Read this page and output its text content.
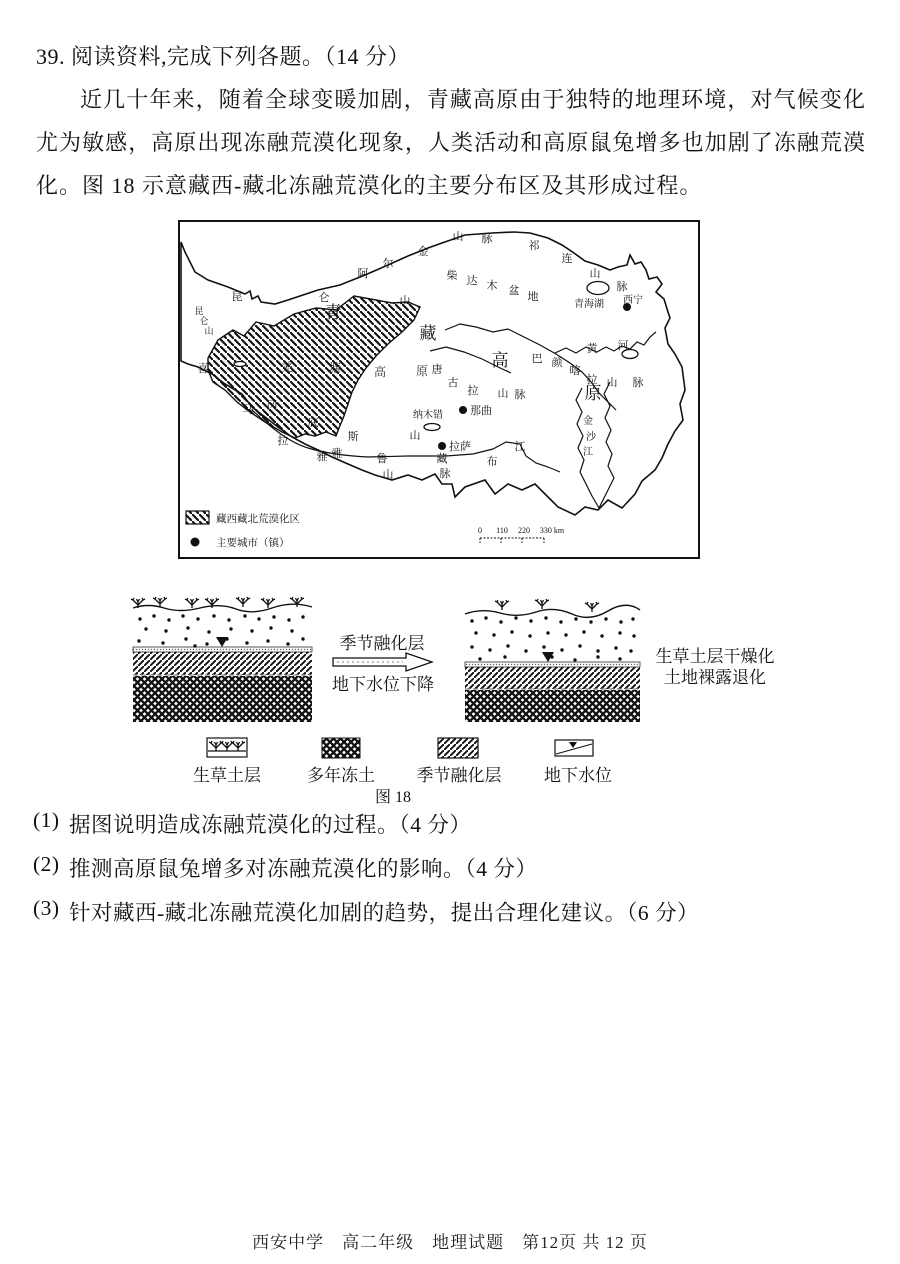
39. 阅读资料,完成下列各题。（14 分）
近几十年来，随着全球变暖加剧，青藏高原由于独特的地理环境，对气候变化尤为敏感，高原出现冻融荒漠化现象，人类活动和高原鼠兔增多也加剧了冻融荒漠化。图 18 示意藏西-藏北冻融荒漠化的主要分布区及其形成过程。
昆
仑
山
昆	仑	山
阿
尔
金
山 脉
祁
连
山
脉
柴 达 木 盆 地
青海湖 西宁
青
藏
高
原
羌	塘	高 原 唐
古
拉 山 脉
巴 颜
喀
拉 山 脉
黄 河
纳木错 那曲
拉萨
冈
底
斯	山
喜
马
拉
雅
山	脉
雅	鲁	藏	布
江
金
沙
江
藏西藏北荒漠化区
主要城市（镇）
0 110 220 330 km
季节融化层
地下水位下降
生草土层干燥化
土地裸露退化
生草土层	多年冻土 季节融化层	地下水位
图 18
(1) 据图说明造成冻融荒漠化的过程。（4 分）
(2) 推测高原鼠兔增多对冻融荒漠化的影响。（4 分）
(3) 针对藏西-藏北冻融荒漠化加剧的趋势，提出合理化建议。（6 分）
西安中学　高二年级　地理试题　第12页 共 12 页
